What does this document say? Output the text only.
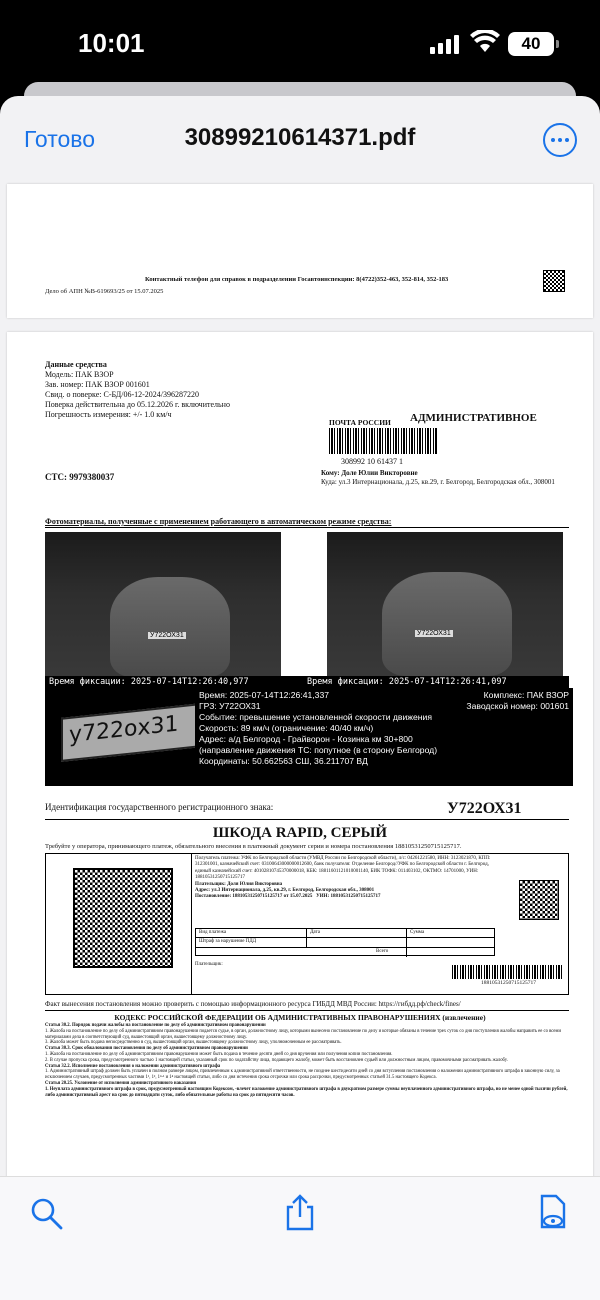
10:01	40
Готово	30899210614371.pdf
Контактный телефон для справок в подразделении Госавтоинспекции: 8(4722)352-463, 352-814, 352-183
Дело об АПН №В-619693/25 от 15.07.2025
Данные средства
Модель: ПАК ВЗОР
Зав. номер: ПАК ВЗОР 001601
Свид. о поверке: С-БД/06-12-2024/396287220
Поверка действительна до 05.12.2026 г. включительно
Погрешность измерения: +/- 1.0 км/ч
СТС: 9979380037
ПОЧТА РОССИИ АДМИНИСТРАТИВНОЕ
308992 10 61437 1
Кому: Доле Юлии Викторовне
Куда: ул.3 Интернационала, д.25, кв.29, г. Белгород, Белгородская обл., 308001
Фотоматериалы, полученные с применением работающего в автоматическом режиме средства:
У722ОХ31	У722ОХ31
Время фиксации: 2025-07-14T12:26:40,977	Время фиксации: 2025-07-14T12:26:41,097
у722ох31
Время: 2025-07-14T12:26:41,337	Комплекс: ПАК ВЗОР
ГРЗ: У722ОХ31	Заводской номер: 001601
Событие: превышение установленной скорости движения
Скорость: 89 км/ч (ограничение: 40/40 км/ч)
Адрес: а/д Белгород - Грайворон - Козинка км 30+800
(направление движения ТС: попутное (в сторону Белгород)
Координаты: 50.662563 СШ, 36.211707 ВД
Идентификация государственного регистрационного знака:	У722ОХ31
ШКОДА RAPID, СЕРЫЙ
Требуйте у оператора, принимающего платеж, обязательного внесения в платежный документ серии и номера постановления 18810531250715125717.
Получатель платежа: УФК по Белгородской области (УМВД России по Белгородской области), л/с: 04261221580, ИНН: 3123021870, КПП: 312301001, казначейский счет: 03100643000000012600, банк получателя: Отделение Белгород//УФК по Белгородской области г. Белгород, единый казначейский счет: 40102810745370000018, КБК: 18811601121010001140, БИК ТОФК: 011403102, ОКТМО: 14701000, УИН: 18810531250715125717
Плательщик: Доля Юлия Викторовна
Адрес: ул.3 Интернационала, д.25, кв.29, г. Белгород, Белгородская обл., 308001
Постановление: 18810531250715125717 от 15.07.2025 УИН: 18810531250715125717
Вид платежа	Дата	Сумма
Штраф за нарушение ПДД
Всего
Плательщик:
18810531250715125717
Факт вынесения постановления можно проверить с помощью информационного ресурса ГИБДД МВД России: https://гибдд.рф/check/fines/
КОДЕКС РОССИЙСКОЙ ФЕДЕРАЦИИ ОБ АДМИНИСТРАТИВНЫХ ПРАВОНАРУШЕНИЯХ (извлечение)
Статья 30.2. Порядок подачи жалобы на постановление по делу об административном правонарушении
1. Жалоба на постановление по делу об административном правонарушении подается судье, в орган, должностному лицу, которыми вынесено постановление по делу и которые обязаны в течение трех суток со дня поступления жалобы направить ее со всеми материалами дела в соответствующий суд, вышестоящий орган, вышестоящему должностному лицу.
3. Жалоба может быть подана непосредственно в суд, вышестоящий орган, вышестоящему должностному лицу, уполномоченным ее рассматривать.
Статья 30.3. Срок обжалования постановления по делу об административном правонарушении
1. Жалоба на постановление по делу об административном правонарушении может быть подана в течение десяти дней со дня вручения или получения копии постановления.
2. В случае пропуска срока, предусмотренного частью 1 настоящей статьи, указанный срок по ходатайству лица, подающего жалобу, может быть восстановлен судьей или должностным лицом, правомочными рассматривать жалобу.
Статья 32.2. Исполнение постановления о наложении административного штрафа
1. Административный штраф должен быть уплачен в полном размере лицом, привлеченным к административной ответственности, не позднее шестидесяти дней со дня вступления постановления о наложении административного штрафа в законную силу, за исключением случаев, предусмотренных частями 1¹, 1³, 1³-¹ и 1⁴ настоящей статьи, либо со дня истечения срока отсрочки или срока рассрочки, предусмотренных статьей 31.5 настоящего Кодекса.
Статья 20.25. Уклонение от исполнения административного наказания
1. Неуплата административного штрафа в срок, предусмотренный настоящим Кодексом, -влечет наложение административного штрафа в двукратном размере суммы неуплаченного административного штрафа, но не менее одной тысячи рублей, либо административный арест на срок до пятнадцати суток, либо обязательные работы на срок до пятидесяти часов.
